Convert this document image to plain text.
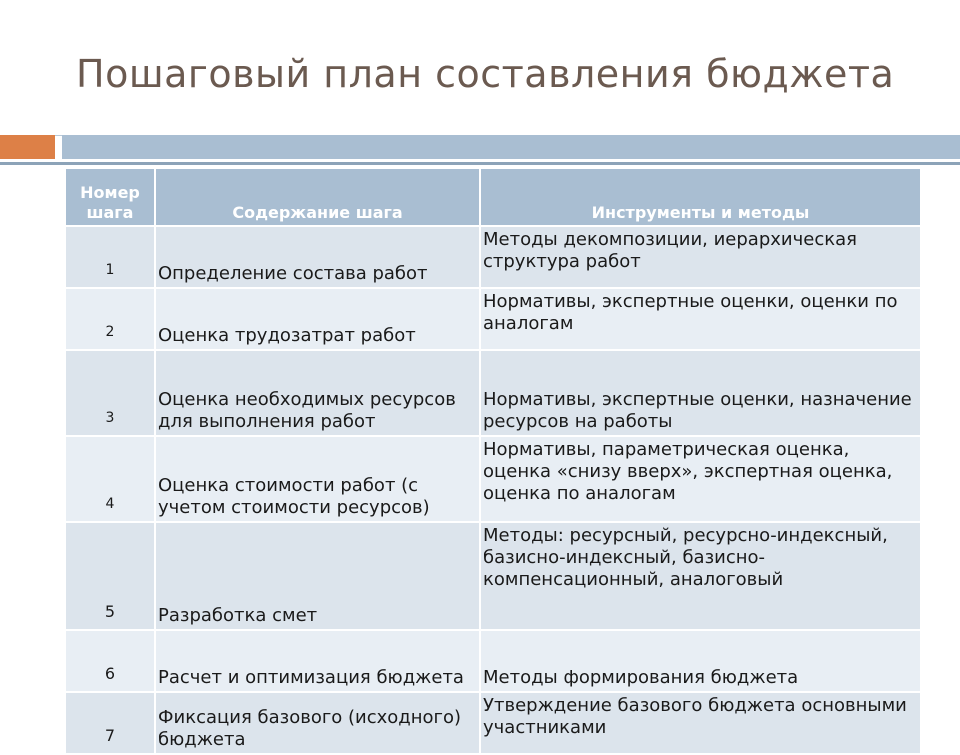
Пошаговый план составления бюджета
Номер шага	Содержание шага	Инструменты и методы
1	Определение состава работ	Методы декомпозиции, иерархическая структура работ
2	Оценка трудозатрат работ	Нормативы, экспертные оценки, оценки по аналогам
3	Оценка необходимых ресурсов для выполнения работ	Нормативы, экспертные оценки, назначение ресурсов на работы
4	Оценка стоимости работ (с учетом стоимости ресурсов)	Нормативы, параметрическая оценка, оценка «снизу вверх», экспертная оценка, оценка по аналогам
5	Разработка смет	Методы: ресурсный, ресурсно-индексный, базисно-индексный, базисно-компенсационный, аналоговый
6	Расчет и оптимизация бюджета	Методы формирования бюджета
7	Фиксация базового (исходного) бюджета	Утверждение базового бюджета основными участниками
